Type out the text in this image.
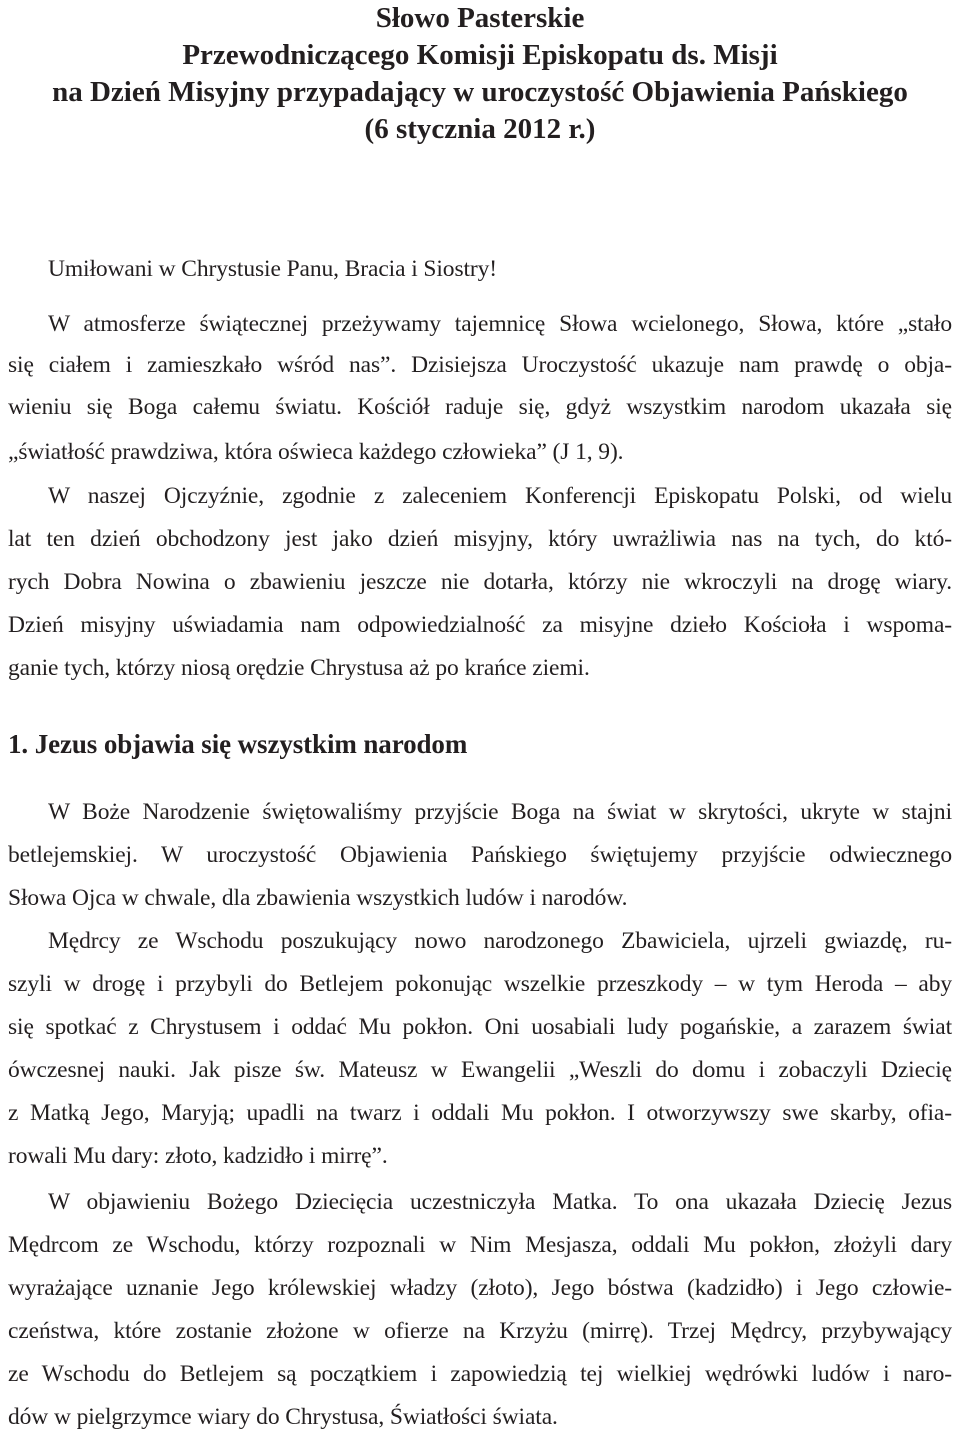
Słowo Pasterskie
Przewodniczącego Komisji Episkopatu ds. Misji
na Dzień Misyjny przypadający w uroczystość Objawienia Pańskiego
(6 stycznia 2012 r.)
Umiłowani w Chrystusie Panu, Bracia i Siostry!
W atmosferze świątecznej przeżywamy tajemnicę Słowa wcielonego, Słowa, które „stało
się ciałem i zamieszkało wśród nas”. Dzisiejsza Uroczystość ukazuje nam prawdę o obja-
wieniu się Boga całemu światu. Kościół raduje się, gdyż wszystkim narodom ukazała się
„światłość prawdziwa, która oświeca każdego człowieka” (J 1, 9).
W naszej Ojczyźnie, zgodnie z zaleceniem Konferencji Episkopatu Polski, od wielu
lat ten dzień obchodzony jest jako dzień misyjny, który uwrażliwia nas na tych, do któ-
rych Dobra Nowina o zbawieniu jeszcze nie dotarła, którzy nie wkroczyli na drogę wiary.
Dzień misyjny uświadamia nam odpowiedzialność za misyjne dzieło Kościoła i wspoma-
ganie tych, którzy niosą orędzie Chrystusa aż po krańce ziemi.
1. Jezus objawia się wszystkim narodom
W Boże Narodzenie świętowaliśmy przyjście Boga na świat w skrytości, ukryte w stajni
betlejemskiej. W uroczystość Objawienia Pańskiego świętujemy przyjście odwiecznego
Słowa Ojca w chwale, dla zbawienia wszystkich ludów i narodów.
Mędrcy ze Wschodu poszukujący nowo narodzonego Zbawiciela, ujrzeli gwiazdę, ru-
szyli w drogę i przybyli do Betlejem pokonując wszelkie przeszkody – w tym Heroda – aby
się spotkać z Chrystusem i oddać Mu pokłon. Oni uosabiali ludy pogańskie, a zarazem świat
ówczesnej nauki. Jak pisze św. Mateusz w Ewangelii „Weszli do domu i zobaczyli Dziecię
z Matką Jego, Maryją; upadli na twarz i oddali Mu pokłon. I otworzywszy swe skarby, ofia-
rowali Mu dary: złoto, kadzidło i mirrę”.
W objawieniu Bożego Dziecięcia uczestniczyła Matka. To ona ukazała Dziecię Jezus
Mędrcom ze Wschodu, którzy rozpoznali w Nim Mesjasza, oddali Mu pokłon, złożyli dary
wyrażające uznanie Jego królewskiej władzy (złoto), Jego bóstwa (kadzidło) i Jego człowie-
czeństwa, które zostanie złożone w ofierze na Krzyżu (mirrę). Trzej Mędrcy, przybywający
ze Wschodu do Betlejem są początkiem i zapowiedzią tej wielkiej wędrówki ludów i naro-
dów w pielgrzymce wiary do Chrystusa, Światłości świata.
